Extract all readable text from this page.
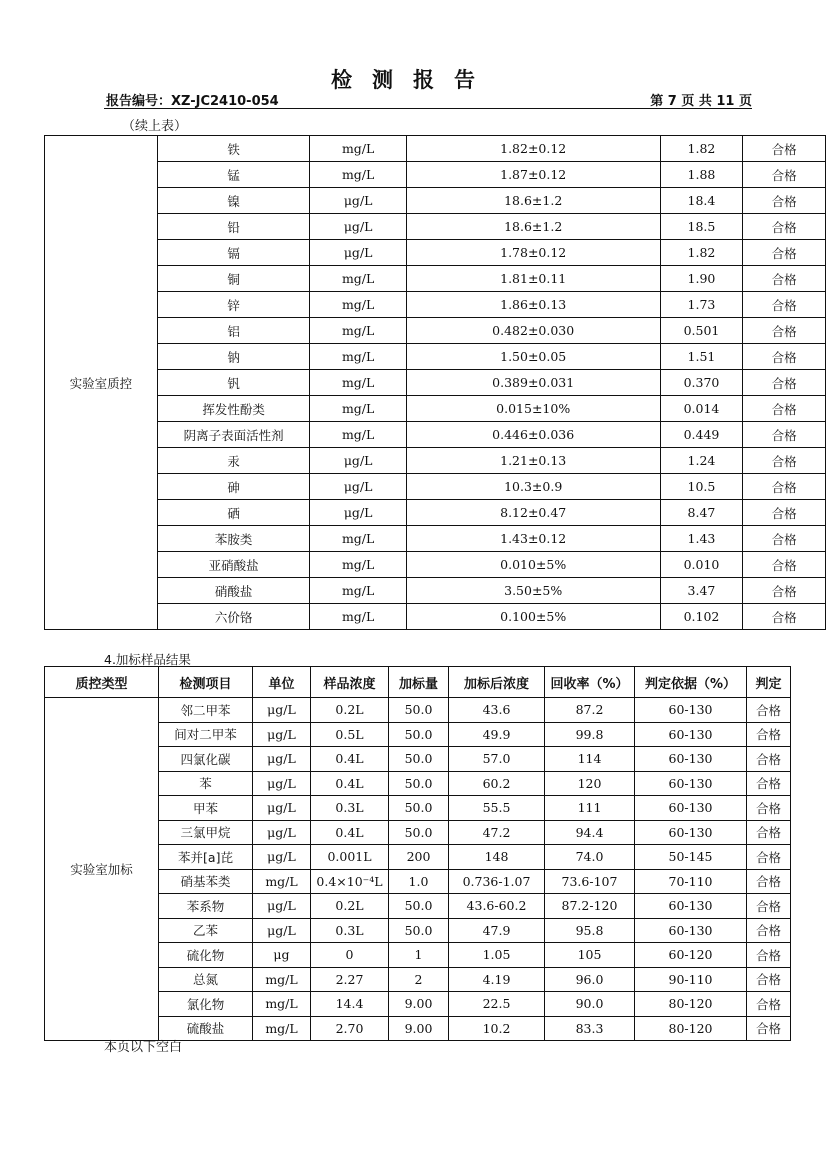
检测报告
报告编号：XZ-JC2410-054	第 7 页 共 11 页
（续上表）
实验室质控	铁	mg/L	1.82±0.12	1.82	合格
	锰	mg/L	1.87±0.12	1.88	合格
	镍	μg/L	18.6±1.2	18.4	合格
	铅	μg/L	18.6±1.2	18.5	合格
	镉	μg/L	1.78±0.12	1.82	合格
	铜	mg/L	1.81±0.11	1.90	合格
	锌	mg/L	1.86±0.13	1.73	合格
	铝	mg/L	0.482±0.030	0.501	合格
	钠	mg/L	1.50±0.05	1.51	合格
	钒	mg/L	0.389±0.031	0.370	合格
	挥发性酚类	mg/L	0.015±10%	0.014	合格
	阴离子表面活性剂	mg/L	0.446±0.036	0.449	合格
	汞	μg/L	1.21±0.13	1.24	合格
	砷	μg/L	10.3±0.9	10.5	合格
	硒	μg/L	8.12±0.47	8.47	合格
	苯胺类	mg/L	1.43±0.12	1.43	合格
	亚硝酸盐	mg/L	0.010±5%	0.010	合格
	硝酸盐	mg/L	3.50±5%	3.47	合格
	六价铬	mg/L	0.100±5%	0.102	合格
4.加标样品结果
质控类型	检测项目	单位	样品浓度	加标量	加标后浓度	回收率（%）	判定依据（%）	判定
实验室加标	邻二甲苯	μg/L	0.2L	50.0	43.6	87.2	60-130	合格
	间对二甲苯	μg/L	0.5L	50.0	49.9	99.8	60-130	合格
	四氯化碳	μg/L	0.4L	50.0	57.0	114	60-130	合格
	苯	μg/L	0.4L	50.0	60.2	120	60-130	合格
	甲苯	μg/L	0.3L	50.0	55.5	111	60-130	合格
	三氯甲烷	μg/L	0.4L	50.0	47.2	94.4	60-130	合格
	苯并[a]芘	μg/L	0.001L	200	148	74.0	50-145	合格
	硝基苯类	mg/L	0.4×10⁻⁴L	1.0	0.736-1.07	73.6-107	70-110	合格
	苯系物	μg/L	0.2L	50.0	43.6-60.2	87.2-120	60-130	合格
	乙苯	μg/L	0.3L	50.0	47.9	95.8	60-130	合格
	硫化物	μg	0	1	1.05	105	60-120	合格
	总氮	mg/L	2.27	2	4.19	96.0	90-110	合格
	氯化物	mg/L	14.4	9.00	22.5	90.0	80-120	合格
	硫酸盐	mg/L	2.70	9.00	10.2	83.3	80-120	合格
本页以下空白
